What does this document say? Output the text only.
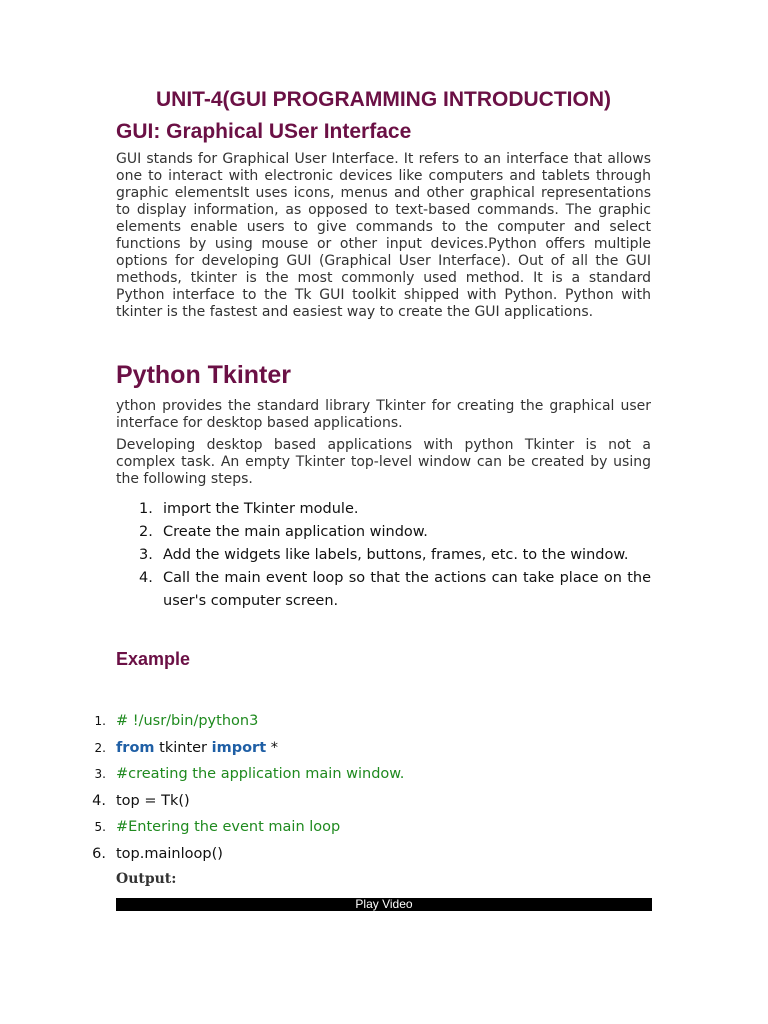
UNIT-4(GUI PROGRAMMING INTRODUCTION)
GUI: Graphical USer Interface
GUI stands for Graphical User Interface. It refers to an interface that allows one to interact with electronic devices like computers and tablets through graphic elementsIt uses icons, menus and other graphical representations to display information, as opposed to text-based commands. The graphic elements enable users to give commands to the computer and select functions by using mouse or other input devices.Python offers multiple options for developing GUI (Graphical User Interface). Out of all the GUI methods, tkinter is the most commonly used method. It is a standard Python interface to the Tk GUI toolkit shipped with Python. Python with tkinter is the fastest and easiest way to create the GUI applications.
Python Tkinter
ython provides the standard library Tkinter for creating the graphical user interface for desktop based applications.
Developing desktop based applications with python Tkinter is not a complex task. An empty Tkinter top-level window can be created by using the following steps.
1. import the Tkinter module.
2. Create the main application window.
3. Add the widgets like labels, buttons, frames, etc. to the window.
4. Call the main event loop so that the actions can take place on the user's computer screen.
Example
1. # !/usr/bin/python3
2. from tkinter import *
3. #creating the application main window.
4. top = Tk()
5. #Entering the event main loop
6. top.mainloop()
Output:
Play Video
